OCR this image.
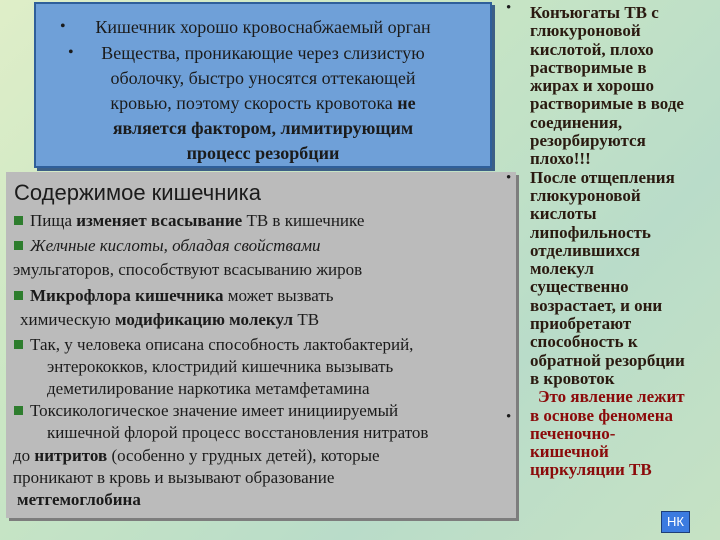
•	Кишечник хорошо кровоснабжаемый орган
•	Вещества, проникающие через слизистую
оболочку, быстро уносятся оттекающей
кровью, поэтому скорость кровотока не
является фактором, лимитирующим
процесс резорбции
Содержимое кишечника
Пища изменяет всасывание ТВ в кишечнике
Желчные кислоты, обладая свойствами
эмульгаторов, способствуют всасыванию жиров
Микрофлора кишечника может вызвать
химическую модификацию молекул ТВ
Так, у человека описана способность лактобактерий,
энтерококков, клостридий кишечника вызывать
деметилирование наркотика метамфетамина
Токсикологическое значение имеет инициируемый
кишечной флорой процесс восстановления нитратов
до нитритов (особенно у грудных детей), которые
проникают в кровь и вызывают образование
метгемоглобина
•
•
•
Конъюгаты ТВ с
глюкуроновой
кислотой, плохо
растворимые в
жирах и хорошо
растворимые в воде
соединения,
резорбируются
плохо!!!
После отщепления
глюкуроновой
кислоты
липофильность
отделившихся
молекул
существенно
возрастает, и они
приобретают
способность к
обратной резорбции
в кровоток
Это явление лежит
в основе феномена
печеночно-
кишечной
циркуляции ТВ
НК
